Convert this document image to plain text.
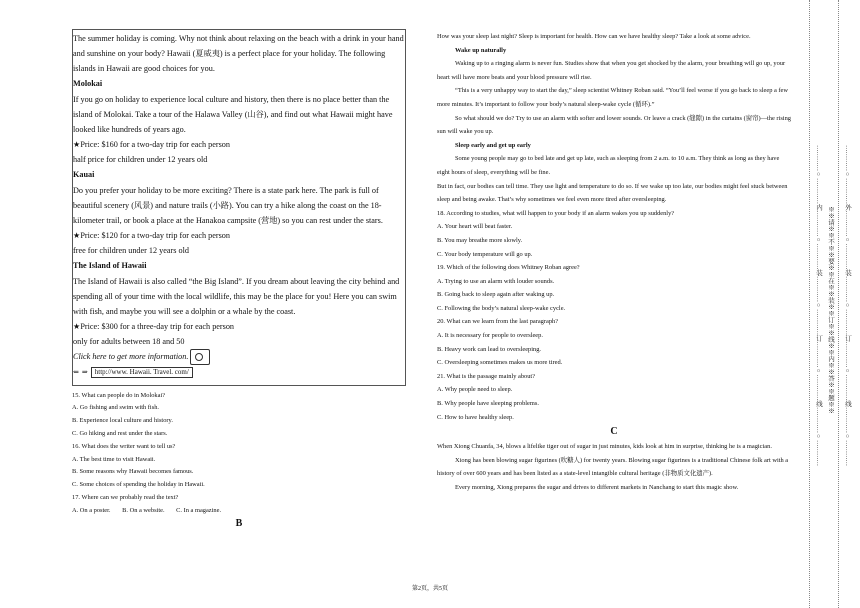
The summer holiday is coming. Why not think about relaxing on the beach with a drink in your hand and sunshine on your body? Hawaii (夏威夷) is a perfect place for your holiday. The following islands in Hawaii are good choices for you.

Molokai

If you go on holiday to experience local culture and history, then there is no place better than the island of Molokai. Take a tour of the Halawa Valley (山谷), and find out what Hawaii might have looked like hundreds of years ago.

★ Price: $160 for a two-day trip for each person

half price for children under 12 years old

Kauai

Do you prefer your holiday to be more exciting? There is a state park here. The park is full of beautiful scenery (风景) and nature trails (小路). You can try a hike along the coast on the 18-kilometer trail, or book a place at the Hanakoa campsite (营地) so you can rest under the stars.

★ Price: $120 for a two-day trip for each person

free for children under 12 years old

The Island of Hawaii

The Island of Hawaii is also called “the Big Island”. If you dream about leaving the city behind and spending all of your time with the local wildlife, this may be the place for you! Here you can swim with fish, and maybe you will see a dolphin or a whale by the coast.

★ Price: $300 for a three-day trip for each person

only for adults between 18 and 50

Click here to get more information.

⇐ ⇒	http://www. Hawaii. Travel. com/

15. What can people do in Molokai?

A. Go fishing and swim with fish.

B. Experience local culture and history.

C. Go hiking and rest under the stars.

16. What does the writer want to tell us?

A. The best time to visit Hawaii.

B. Some reasons why Hawaii becomes famous.

C. Some choices of spending the holiday in Hawaii.

17. Where can we probably read the text?

A. On a poster. B. On a website. C. In a magazine.

B

How was your sleep last night? Sleep is important for health. How can we have healthy sleep? Take a look at some advice.

Wake up naturally

Waking up to a ringing alarm is never fun. Studies show that when you get shocked by the alarm, your breathing will go up, your heart will have more beats and your blood pressure will rise.

“This is a very unhappy way to start the day,” sleep scientist Whitney Roban said. “You’ll feel worse if you go back to sleep a few more minutes. It’s important to follow your body’s natural sleep-wake cycle (循环).”

So what should we do? Try to use an alarm with softer and lower sounds. Or leave a crack (缝隙) in the curtains (窗帘)—the rising sun will wake you up.

Sleep early and get up early

Some young people may go to bed late and get up late, such as sleeping from 2 a.m. to 10 a.m. They think as long as they have eight hours of sleep, everything will be fine.

But in fact, our bodies can tell time. They use light and temperature to do so. If we wake up too late, our bodies might feel stuck between sleep and being awake. That’s why sometimes we feel even more tired after oversleeping.

18. According to studies, what will happen to your body if an alarm wakes you up suddenly?

A. Your heart will beat faster.

B. You may breathe more slowly.

C. Your body temperature will go up.

19. Which of the following does Whitney Roban agree?

A. Trying to use an alarm with louder sounds.

B. Going back to sleep again after waking up.

C. Following the body’s natural sleep-wake cycle.

20. What can we learn from the last paragraph?

A. It is necessary for people to oversleep.

B. Heavy work can lead to oversleeping.

C. Oversleeping sometimes makes us more tired.

21. What is the passage mainly about?

A. Why people need to sleep.

B. Why people have sleeping problems.

C. How to have healthy sleep.

C

When Xiong Chuanfa, 34, blows a lifelike tiger out of sugar in just minutes, kids look at him in surprise, thinking he is a magician.

Xiong has been blowing sugar figurines (吹糖人) for twenty years. Blowing sugar figurines is a traditional Chinese folk art with a history of over 600 years and has been listed as a state-level intangible cultural heritage (非物质文化遗产).

Every morning, Xiong prepares the sugar and drives to different markets in Nanchang to start this magic show.

第2页，共5页
…………○…………内…………○…………装…………○…………订…………○…………线…………○…………	…………○…………外…………○…………装…………○…………订…………○…………线…………○…………
※※请※※不※※要※※在※※装※※订※※线※※内※※答※※题※※
